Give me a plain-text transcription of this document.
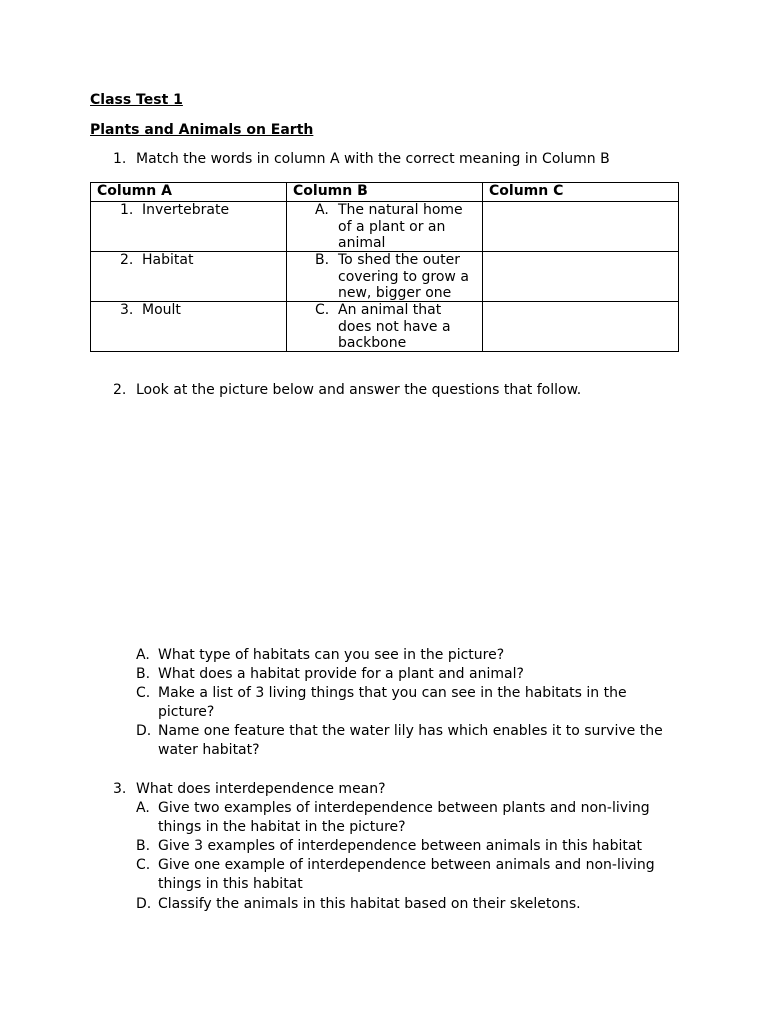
Class Test 1
Plants and Animals on Earth
1. Match the words in column A with the correct meaning in Column B
Column A	Column B	Column C

1. Invertebrate	A. The natural home of a plant or an animal	

2. Habitat	B. To shed the outer covering to grow a new, bigger one	

3. Moult	C. An animal that does not have a backbone	

2. Look at the picture below and answer the questions that follow.
A. What type of habitats can you see in the picture?
B. What does a habitat provide for a plant and animal?
C. Make a list of 3 living things that you can see in the habitats in the
picture?
D. Name one feature that the water lily has which enables it to survive the
water habitat?
3. What does interdependence mean?
A. Give two examples of interdependence between plants and non-living
things in the habitat in the picture?
B. Give 3 examples of interdependence between animals in this habitat
C. Give one example of interdependence between animals and non-living
things in this habitat
D. Classify the animals in this habitat based on their skeletons.
